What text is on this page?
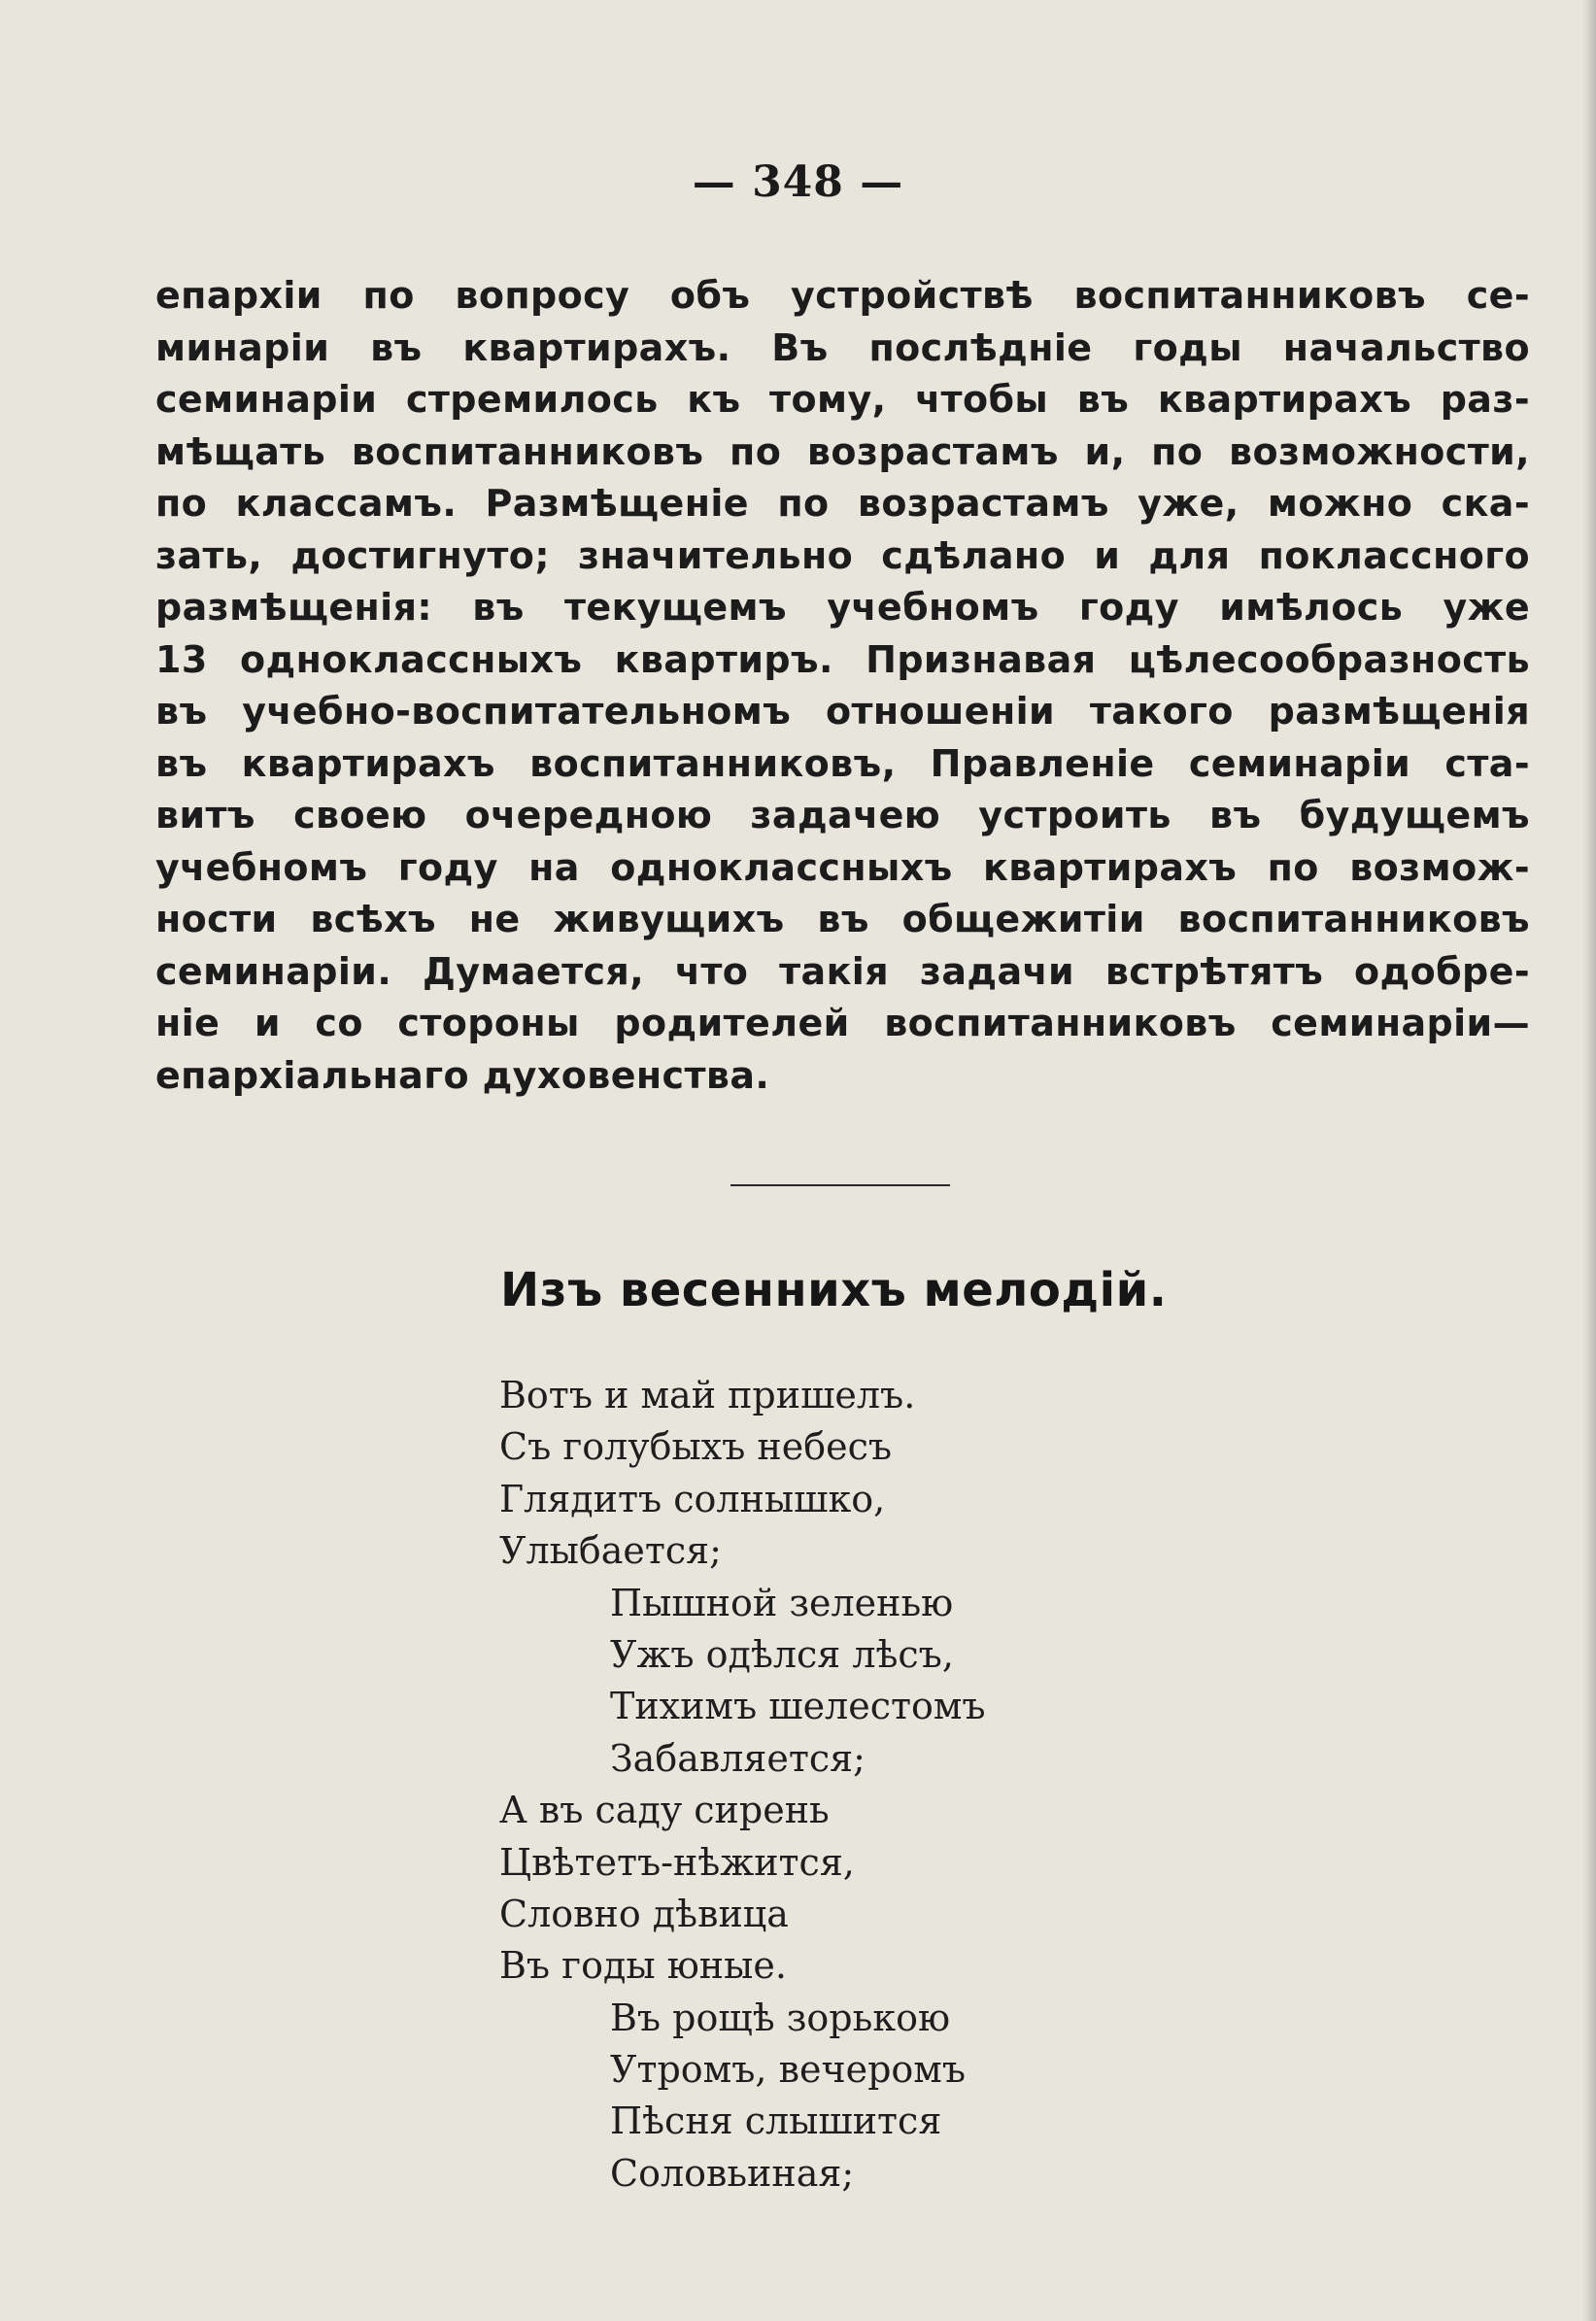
— 348 —
епархіи по вопросу объ устройствѣ воспитанниковъ се-
минаріи въ квартирахъ. Въ послѣдніе годы начальство
семинаріи стремилось къ тому, чтобы въ квартирахъ раз-
мѣщать воспитанниковъ по возрастамъ и, по возможности,
по классамъ. Размѣщеніе по возрастамъ уже, можно ска-
зать, достигнуто; значительно сдѣлано и для поклассного
размѣщенія: въ текущемъ учебномъ году имѣлось уже
13 одноклассныхъ квартиръ. Признавая цѣлесообразность
въ учебно-воспитательномъ отношеніи такого размѣщенія
въ квартирахъ воспитанниковъ, Правленіе семинаріи ста-
витъ своею очередною задачею устроить въ будущемъ
учебномъ году на одноклассныхъ квартирахъ по возмож-
ности всѣхъ не живущихъ въ общежитіи воспитанниковъ
семинаріи. Думается, что такія задачи встрѣтятъ одобре-
ніе и со стороны родителей воспитанниковъ семинаріи—
епархіальнаго духовенства.
Изъ весеннихъ мелодій.
Вотъ и май пришелъ.
Съ голубыхъ небесъ
Глядитъ солнышко,
Улыбается;
Пышной зеленью
Ужъ одѣлся лѣсъ,
Тихимъ шелестомъ
Забавляется;
А въ саду сирень
Цвѣтетъ-нѣжится,
Словно дѣвица
Въ годы юные.
Въ рощѣ зорькою
Утромъ, вечеромъ
Пѣсня слышится
Соловьиная;
